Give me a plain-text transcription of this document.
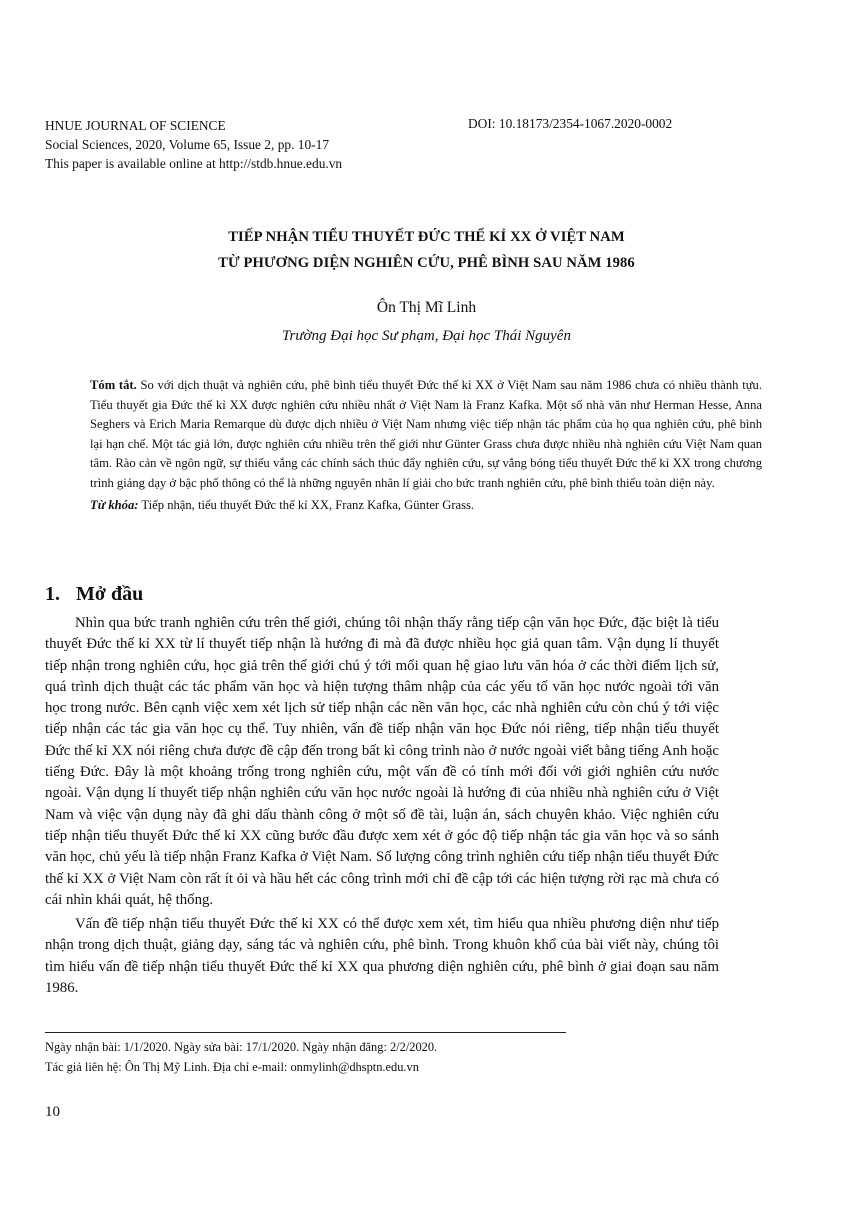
HNUE JOURNAL OF SCIENCE
Social Sciences, 2020, Volume 65, Issue 2, pp. 10-17
This paper is available online at http://stdb.hnue.edu.vn
DOI: 10.18173/2354-1067.2020-0002
TIẾP NHẬN TIỂU THUYẾT ĐỨC THẾ KỈ XX Ở VIỆT NAM
TỪ PHƯƠNG DIỆN NGHIÊN CỨU, PHÊ BÌNH SAU NĂM 1986
Ôn Thị Mĩ Linh
Trường Đại học Sư phạm, Đại học Thái Nguyên

Tóm tắt. So với dịch thuật và nghiên cứu, phê bình tiểu thuyết Đức thế kỉ XX ở Việt Nam sau năm 1986 chưa có nhiều thành tựu. Tiểu thuyết gia Đức thế kỉ XX được nghiên cứu nhiều nhất ở Việt Nam là Franz Kafka. Một số nhà văn như Herman Hesse, Anna Seghers và Erich Maria Remarque dù được dịch nhiều ở Việt Nam nhưng việc tiếp nhận tác phẩm của họ qua nghiên cứu, phê bình lại hạn chế. Một tác giả lớn, được nghiên cứu nhiều trên thế giới như Günter Grass chưa được nhiều nhà nghiên cứu Việt Nam quan tâm. Rào cản về ngôn ngữ, sự thiếu vắng các chính sách thúc đẩy nghiên cứu, sự vắng bóng tiểu thuyết Đức thế kỉ XX trong chương trình giảng dạy ở bậc phổ thông có thể là những nguyên nhân lí giải cho bức tranh nghiên cứu, phê bình thiếu toàn diện này.

Từ khóa: Tiếp nhận, tiểu thuyết Đức thế kỉ XX, Franz Kafka, Günter Grass.

1. Mở đầu

Nhìn qua bức tranh nghiên cứu trên thế giới, chúng tôi nhận thấy rằng tiếp cận văn học Đức, đặc biệt là tiểu thuyết Đức thế kỉ XX từ lí thuyết tiếp nhận là hướng đi mà đã được nhiều học giả quan tâm. Vận dụng lí thuyết tiếp nhận trong nghiên cứu, học giả trên thế giới chú ý tới mối quan hệ giao lưu văn hóa ở các thời điểm lịch sử, quá trình dịch thuật các tác phẩm văn học và hiện tượng thâm nhập của các yếu tố văn học nước ngoài tới văn học trong nước. Bên cạnh việc xem xét lịch sử tiếp nhận các nền văn học, các nhà nghiên cứu còn chú ý tới việc tiếp nhận các tác gia văn học cụ thể. Tuy nhiên, vấn đề tiếp nhận văn học Đức nói riêng, tiếp nhận tiểu thuyết Đức thế kỉ XX nói riêng chưa được đề cập đến trong bất kì công trình nào ở nước ngoài viết bằng tiếng Anh hoặc tiếng Đức. Đây là một khoảng trống trong nghiên cứu, một vấn đề có tính mới đối với giới nghiên cứu nước ngoài. Vận dụng lí thuyết tiếp nhận nghiên cứu văn học nước ngoài là hướng đi của nhiều nhà nghiên cứu ở Việt Nam và việc vận dụng này đã ghi dấu thành công ở một số đề tài, luận án, sách chuyên khảo. Việc nghiên cứu tiếp nhận tiểu thuyết Đức thế kỉ XX cũng bước đầu được xem xét ở góc độ tiếp nhận tác gia văn học và so sánh văn học, chủ yếu là tiếp nhận Franz Kafka ở Việt Nam. Số lượng công trình nghiên cứu tiếp nhận tiểu thuyết Đức thế kỉ XX ở Việt Nam còn rất ít ỏi và hầu hết các công trình mới chỉ đề cập tới các hiện tượng rời rạc mà chưa có cái nhìn khái quát, hệ thống.

Vấn đề tiếp nhận tiểu thuyết Đức thế kỉ XX có thể được xem xét, tìm hiểu qua nhiều phương diện như tiếp nhận trong dịch thuật, giảng dạy, sáng tác và nghiên cứu, phê bình. Trong khuôn khổ của bài viết này, chúng tôi tìm hiểu vấn đề tiếp nhận tiểu thuyết Đức thế kỉ XX qua phương diện nghiên cứu, phê bình ở giai đoạn sau năm 1986.

Ngày nhận bài: 1/1/2020. Ngày sửa bài: 17/1/2020. Ngày nhận đăng: 2/2/2020.
Tác giả liên hệ: Ôn Thị Mỹ Linh. Địa chỉ e-mail: onmylinh@dhsptn.edu.vn
10
